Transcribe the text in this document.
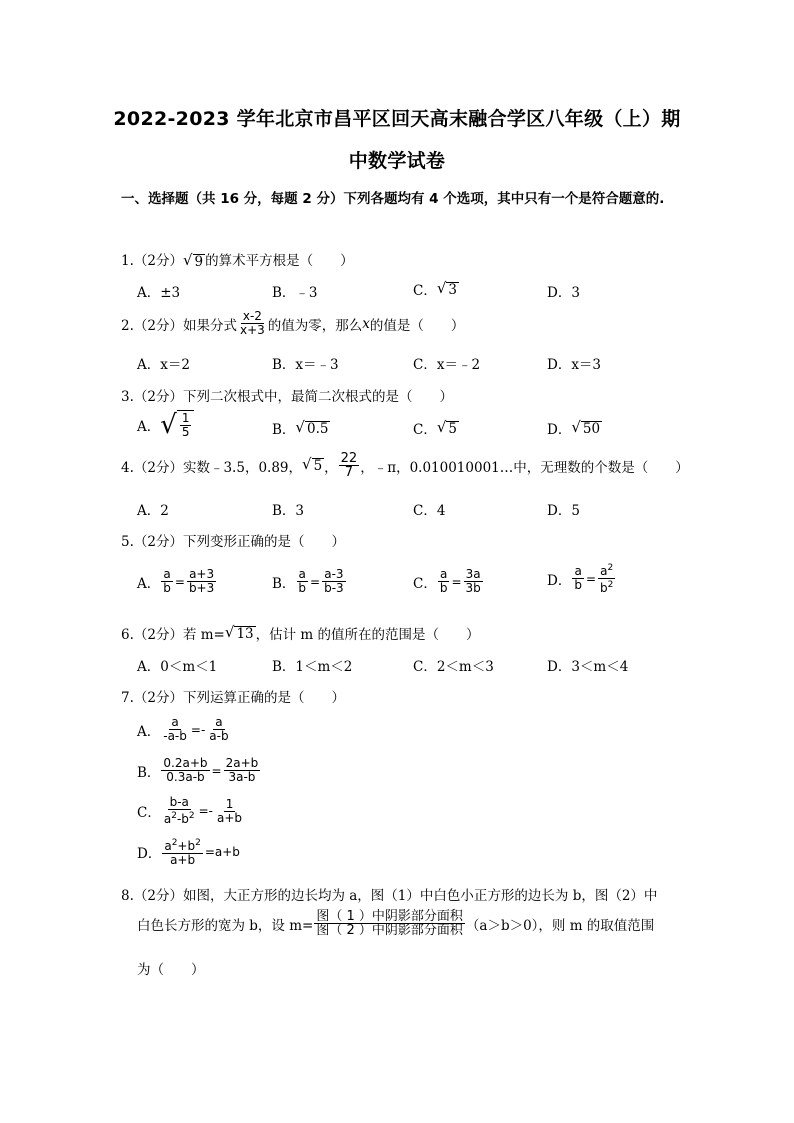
2022-2023 学年北京市昌平区回天高末融合学区八年级（上）期
中数学试卷
一、选择题（共 16 分，每题 2 分）下列各题均有 4 个选项，其中只有一个是符合题意的.
1.（2分） √ 9 的算术平方根是（　　）
A．±3	B．﹣3	C． √ 3	D．3
2.（2分）如果分式 $\frac{x-2}{x+3}$ 的值为零，那么 x 的值是（　　）
A．x＝2	B．x＝﹣3	C．x＝﹣2	D．x＝3
3.（2分）下列二次根式中，最简二次根式的是（　　）
A． √ $\frac{1}{5}$	B． √ 0.5	C． √ 5	D． √ 50
4.（2分）实数﹣3.5，0.89， √ 5 ， $\frac{22}{7}$ ，﹣π，0.010010001…中，无理数的个数是（　　）
A．2	B．3	C．4	D．5
5.（2分）下列变形正确的是（　　）
A． $\frac{a}{b} = \frac{a+3}{b+3}$	B． $\frac{a}{b} = \frac{a-3}{b-3}$	C． $\frac{a}{b} = \frac{3a}{3b}$	D． $\frac{a}{b} = \frac{a^2}{b^2}$
6.（2分）若 m= √ 13 ，估计 m 的值所在的范围是（　　）
A．0＜m＜1	B．1＜m＜2	C．2＜m＜3	D．3＜m＜4
7.（2分）下列运算正确的是（　　）
A． $\frac{a}{-a-b} =- \frac{a}{a-b}$
B． $\frac{0.2a+b}{0.3a-b} = \frac{2a+b}{3a-b}$
C． $\frac{b-a}{a^2-b^2} =- \frac{1}{a+b}$
D． $\frac{a^2+b^2}{a+b} =a+b$
8.（2分）如图，大正方形的边长均为 a，图（1）中白色小正方形的边长为 b，图（2）中
白色长方形的宽为 b，设 $m= \frac{\text{图（ 1 ）中阴影部分面积}}{\text{图（ 2 ）中阴影部分面积}} (a>b>0)$，则 m 的取值范围
为（　　）
